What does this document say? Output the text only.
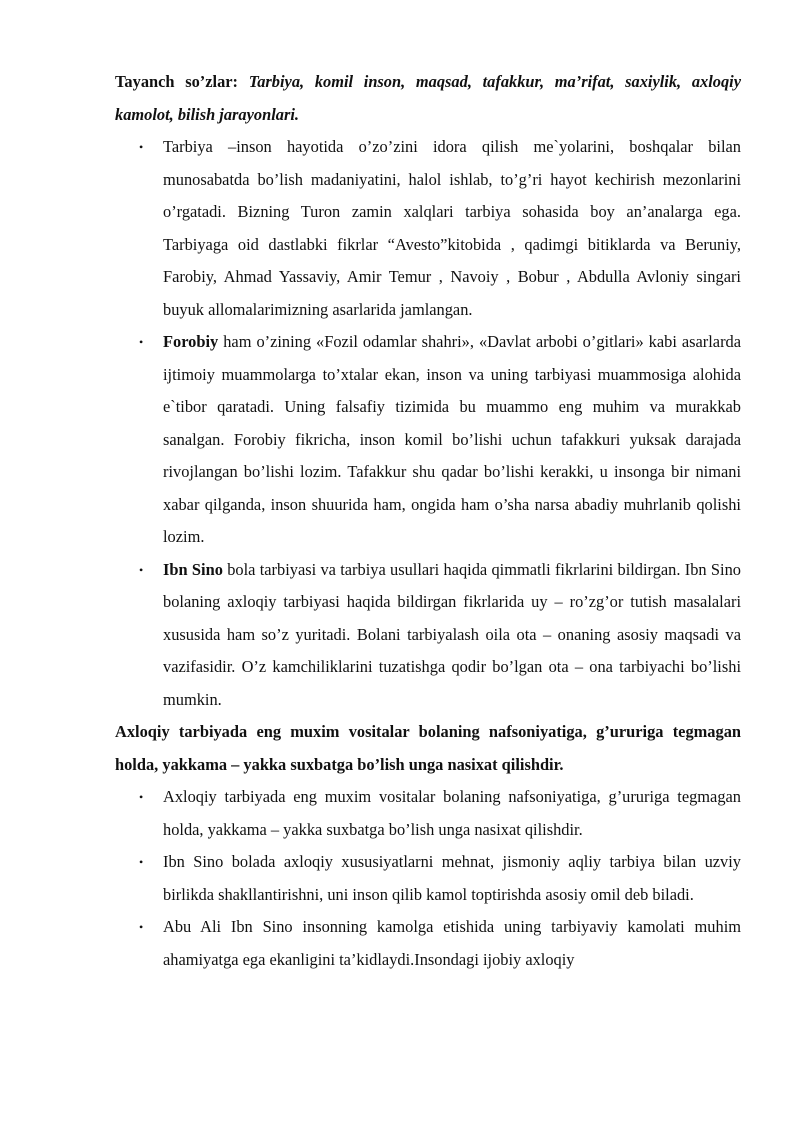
Tayanch so’zlar: Tarbiya, komil inson, maqsad, tafakkur, ma’rifat, saxiylik, axloqiy kamolot, bilish jarayonlari.

• Tarbiya –inson hayotida o’zo’zini idora qilish me`yolarini, boshqalar bilan munosabatda bo’lish madaniyatini, halol ishlab, to’g’ri hayot kechirish mezonlarini o’rgatadi. Bizning Turon zamin xalqlari tarbiya sohasida boy an’analarga ega. Tarbiyaga oid dastlabki fikrlar “Avesto”kitobida , qadimgi bitiklarda va Beruniy, Farobiy, Ahmad Yassaviy, Amir Temur , Navoiy , Bobur , Abdulla Avloniy singari buyuk allomalarimizning asarlarida jamlangan.
• Forobiy ham o’zining «Fozil odamlar shahri», «Davlat arbobi o’gitlari» kabi asarlarda ijtimoiy muammolarga to’xtalar ekan, inson va uning tarbiyasi muammosiga alohida e`tibor qaratadi. Uning falsafiy tizimida bu muammo eng muhim va murakkab sanalgan. Forobiy fikricha, inson komil bo’lishi uchun tafakkuri yuksak darajada rivojlangan bo’lishi lozim. Tafakkur shu qadar bo’lishi kerakki, u insonga bir nimani xabar qilganda, inson shuurida ham, ongida ham o’sha narsa abadiy muhrlanib qolishi lozim.
• Ibn Sino bola tarbiyasi va tarbiya usullari haqida qimmatli fikrlarini bildirgan. Ibn Sino bolaning axloqiy tarbiyasi haqida bildirgan fikrlarida uy – ro’zg’or tutish masalalari xususida ham so’z yuritadi. Bolani tarbiyalash oila ota – onaning asosiy maqsadi va vazifasidir. O’z kamchiliklarini tuzatishga qodir bo’lgan ota – ona tarbiyachi bo’lishi mumkin.

Axloqiy tarbiyada eng muxim vositalar bolaning nafsoniyatiga, g’ururiga tegmagan holda, yakkama – yakka suxbatga bo’lish unga nasixat qilishdir.

• Axloqiy tarbiyada eng muxim vositalar bolaning nafsoniyatiga, g’ururiga tegmagan holda, yakkama – yakka suxbatga bo’lish unga nasixat qilishdir.
• Ibn Sino bolada axloqiy xususiyatlarni mehnat, jismoniy aqliy tarbiya bilan uzviy birlikda shakllantirishni, uni inson qilib kamol toptirishda asosiy omil deb biladi.
• Abu Ali Ibn Sino insonning kamolga etishida uning tarbiyaviy kamolati muhim ahamiyatga ega ekanligini ta’kidlaydi.Insondagi ijobiy axloqiy
